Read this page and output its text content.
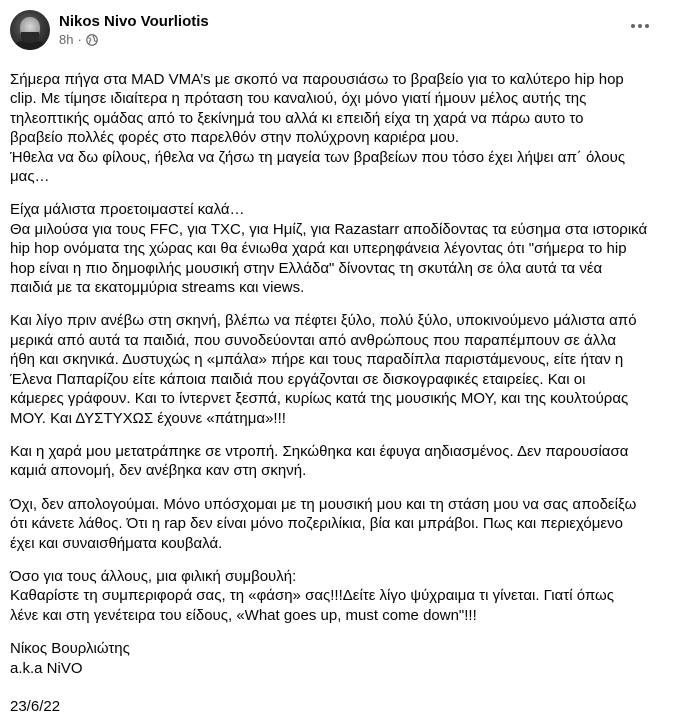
Nikos Nivo Vourliotis
8h ·

Σήμερα πήγα στα MAD VMA’s με σκοπό να παρουσιάσω το βραβείο για το καλύτερο hip hop
clip. Με τίμησε ιδιαίτερα η πρόταση του καναλιού, όχι μόνο γιατί ήμουν μέλος αυτής της
τηλεοπτικής ομάδας από το ξεκίνημά του αλλά κι επειδή είχα τη χαρά να πάρω αυτο το
βραβείο πολλές φορές στο παρελθόν στην πολύχρονη καριέρα μου.
Ήθελα να δω φίλους, ήθελα να ζήσω τη μαγεία των βραβείων που τόσο έχει λήψει απ΄ όλους
μας…

Είχα μάλιστα προετοιμαστεί καλά…
Θα μιλούσα για τους FFC, για TXC, για Ημίζ, για Razastarr αποδίδοντας τα εύσημα στα ιστορικά
hip hop ονόματα της χώρας και θα ένιωθα χαρά και υπερηφάνεια λέγοντας ότι "σήμερα το hip
hop είναι η πιο δημοφιλής μουσική στην Ελλάδα" δίνοντας τη σκυτάλη σε όλα αυτά τα νέα
παιδιά με τα εκατομμύρια streams και views.

Και λίγο πριν ανέβω στη σκηνή, βλέπω να πέφτει ξύλο, πολύ ξύλο, υποκινούμενο μάλιστα από
μερικά από αυτά τα παιδιά, που συνοδεύονται από ανθρώπους που παραπέμπουν σε άλλα
ήθη και σκηνικά. Δυστυχώς η «μπάλα» πήρε και τους παραδίπλα παριστάμενους, είτε ήταν η
Έλενα Παπαρίζου είτε κάποια παιδιά που εργάζονται σε δισκογραφικές εταιρείες. Και οι
κάμερες γράφουν. Και το ίντερνετ ξεσπά, κυρίως κατά της μουσικής ΜΟΥ, και της κουλτούρας
ΜΟΥ. Και ΔΥΣΤΥΧΩΣ έχουνε «πάτημα»!!!

Και η χαρά μου μετατράπηκε σε ντροπή. Σηκώθηκα και έφυγα αηδιασμένος. Δεν παρουσίασα
καμιά απονομή, δεν ανέβηκα καν στη σκηνή.

Όχι, δεν απολογούμαι. Μόνο υπόσχομαι με τη μουσική μου και τη στάση μου να σας αποδείξω
ότι κάνετε λάθος. Ότι η rap δεν είναι μόνο ποζεριλίκια, βία και μπράβοι. Πως και περιεχόμενο
έχει και συναισθήματα κουβαλά.

Όσο για τους άλλους, μια φιλική συμβουλή:
Καθαρίστε τη συμπεριφορά σας, τη «φάση» σας!!!Δείτε λίγο ψύχραιμα τι γίνεται. Γιατί όπως
λένε και στη γενέτειρα του είδους, «What goes up, must come down"!!!

Νίκος Βουρλιώτης

a.k.a NiVO

23/6/22
